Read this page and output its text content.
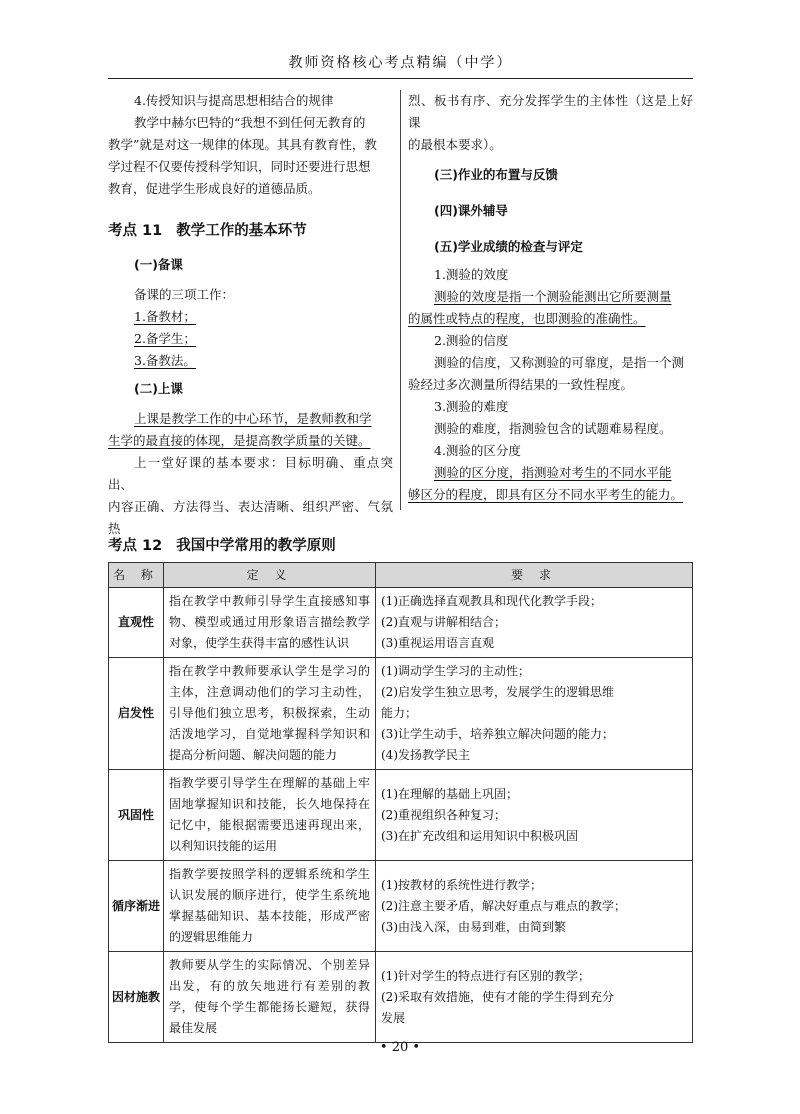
教师资格核心考点精编（中学）

4.传授知识与提高思想相结合的规律

教学中赫尔巴特的“我想不到任何无教育的

教学”就是对这一规律的体现。其具有教育性，教

学过程不仅要传授科学知识，同时还要进行思想

教育，促进学生形成良好的道德品质。

考点 11 教学工作的基本环节

(一)备课

备课的三项工作：

1.备教材；

2.备学生；

3.备教法。

(二)上课

上课是教学工作的中心环节，是教师教和学

生学的最直接的体现，是提高教学质量的关键。

上一堂好课的基本要求：目标明确、重点突出、

内容正确、方法得当、表达清晰、组织严密、气氛热

烈、板书有序、充分发挥学生的主体性（这是上好课

的最根本要求）。

(三)作业的布置与反馈

(四)课外辅导

(五)学业成绩的检查与评定

1.测验的效度

测验的效度是指一个测验能测出它所要测量

的属性或特点的程度，也即测验的准确性。

2.测验的信度

测验的信度，又称测验的可靠度，是指一个测

验经过多次测量所得结果的一致性程度。

3.测验的难度

测验的难度，指测验包含的试题难易程度。

4.测验的区分度

测验的区分度，指测验对考生的不同水平能

够区分的程度，即具有区分不同水平考生的能力。

考点 12 我国中学常用的教学原则
名 称	定 义	要 求
直观性	指在教学中教师引导学生直接感知事物、模型或通过用形象语言描绘教学对象，使学生获得丰富的感性认识	(1)正确选择直观教具和现代化教学手段；
(2)直观与讲解相结合；
(3)重视运用语言直观

启发性	指在教学中教师要承认学生是学习的主体，注意调动他们的学习主动性，引导他们独立思考，积极探索，生动活泼地学习，自觉地掌握科学知识和提高分析问题、解决问题的能力	(1)调动学生学习的主动性；
(2)启发学生独立思考，发展学生的逻辑思维
能力；
(3)让学生动手，培养独立解决问题的能力；
(4)发扬教学民主

巩固性	指教学要引导学生在理解的基础上牢固地掌握知识和技能，长久地保持在记忆中，能根据需要迅速再现出来，以利知识技能的运用	(1)在理解的基础上巩固；
(2)重视组织各种复习；
(3)在扩充改组和运用知识中积极巩固

循序渐进	指教学要按照学科的逻辑系统和学生认识发展的顺序进行，使学生系统地掌握基础知识、基本技能，形成严密的逻辑思维能力	(1)按教材的系统性进行教学；
(2)注意主要矛盾，解决好重点与难点的教学；
(3)由浅入深，由易到难，由简到繁

因材施教	教师要从学生的实际情况、个别差异出发，有的放矢地进行有差别的教学，使每个学生都能扬长避短，获得最佳发展	(1)针对学生的特点进行有区别的教学；
(2)采取有效措施，使有才能的学生得到充分
发展
• 20 •
